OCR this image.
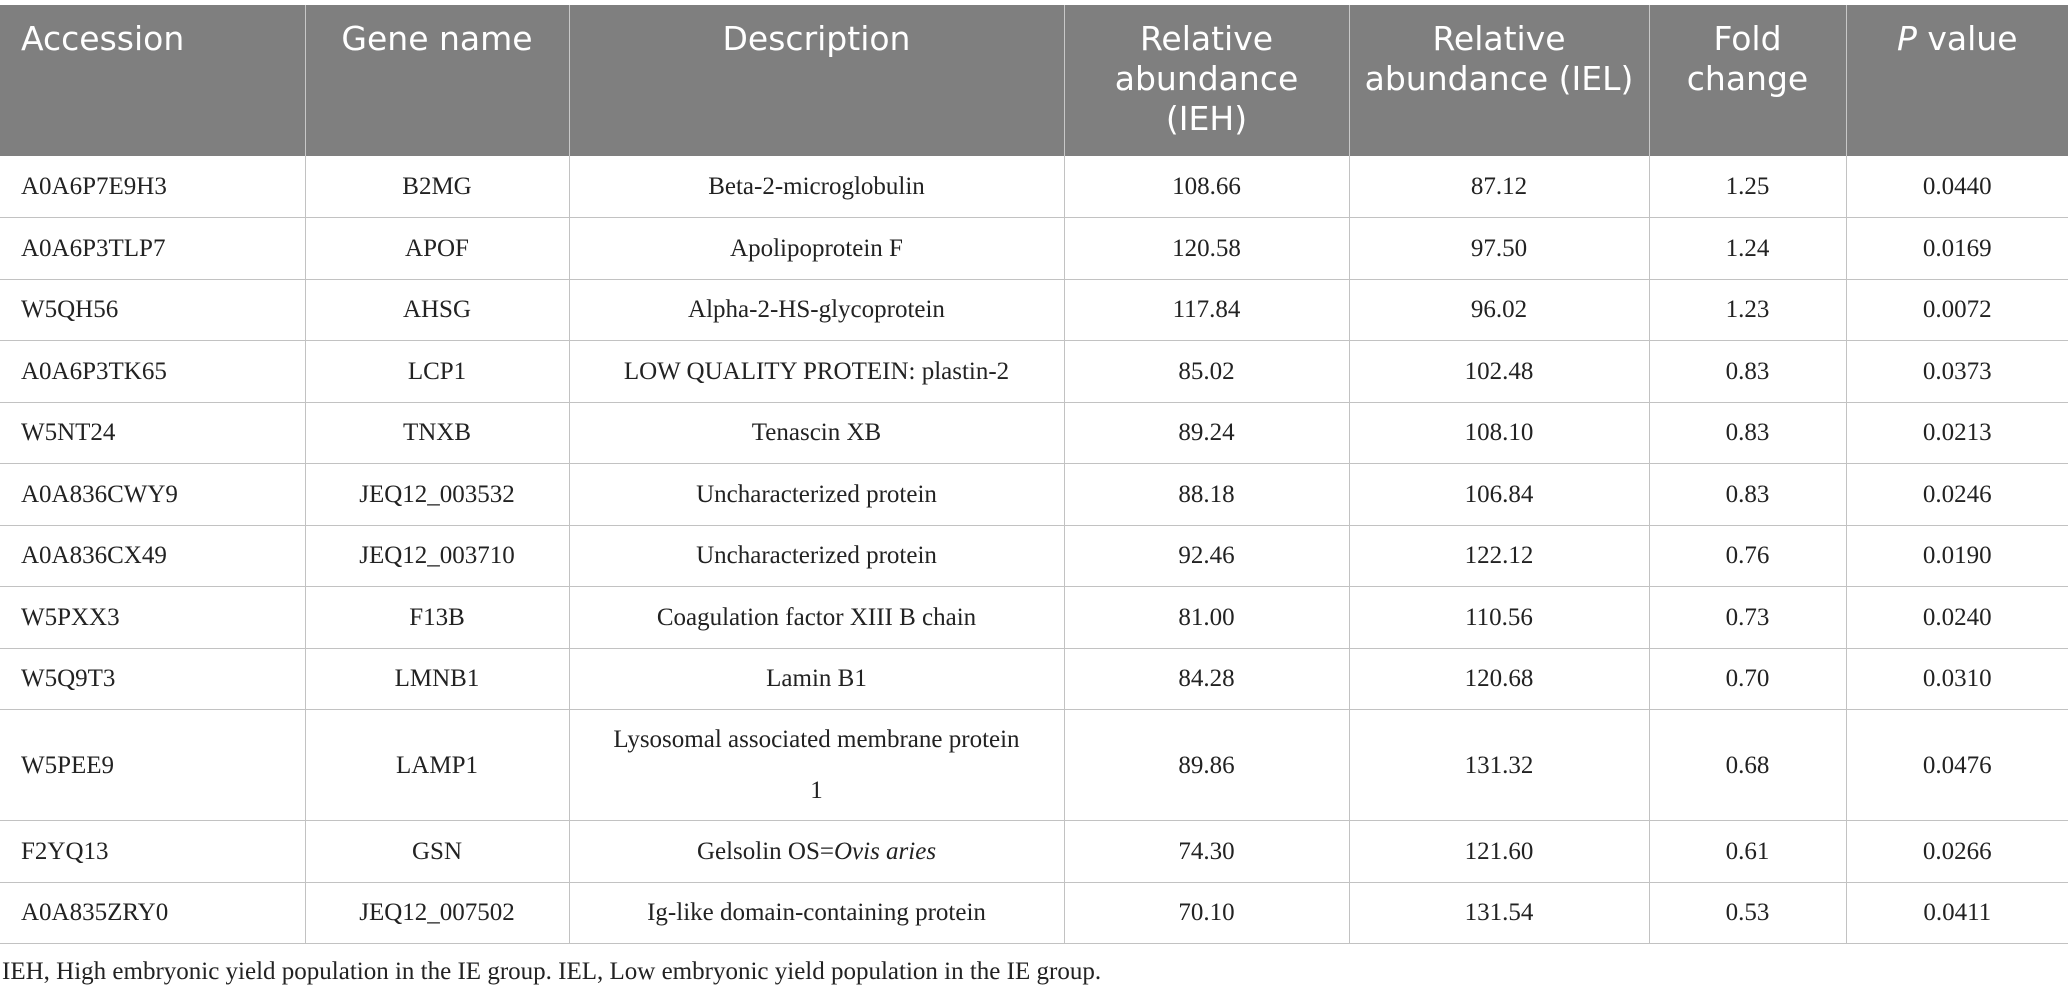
Accession	Gene name	Description	Relative abundance (IEH)	Relative abundance (IEL)	Fold change	P value
A0A6P7E9H3	B2MG	Beta-2-microglobulin	108.66	87.12	1.25	0.0440
A0A6P3TLP7	APOF	Apolipoprotein F	120.58	97.50	1.24	0.0169
W5QH56	AHSG	Alpha-2-HS-glycoprotein	117.84	96.02	1.23	0.0072
A0A6P3TK65	LCP1	LOW QUALITY PROTEIN: plastin-2	85.02	102.48	0.83	0.0373
W5NT24	TNXB	Tenascin XB	89.24	108.10	0.83	0.0213
A0A836CWY9	JEQ12_003532	Uncharacterized protein	88.18	106.84	0.83	0.0246
A0A836CX49	JEQ12_003710	Uncharacterized protein	92.46	122.12	0.76	0.0190
W5PXX3	F13B	Coagulation factor XIII B chain	81.00	110.56	0.73	0.0240
W5Q9T3	LMNB1	Lamin B1	84.28	120.68	0.70	0.0310
W5PEE9	LAMP1	Lysosomal associated membrane protein 1	89.86	131.32	0.68	0.0476
F2YQ13	GSN	Gelsolin OS=Ovis aries	74.30	121.60	0.61	0.0266
A0A835ZRY0	JEQ12_007502	Ig-like domain-containing protein	70.10	131.54	0.53	0.0411
IEH, High embryonic yield population in the IE group. IEL, Low embryonic yield population in the IE group.
